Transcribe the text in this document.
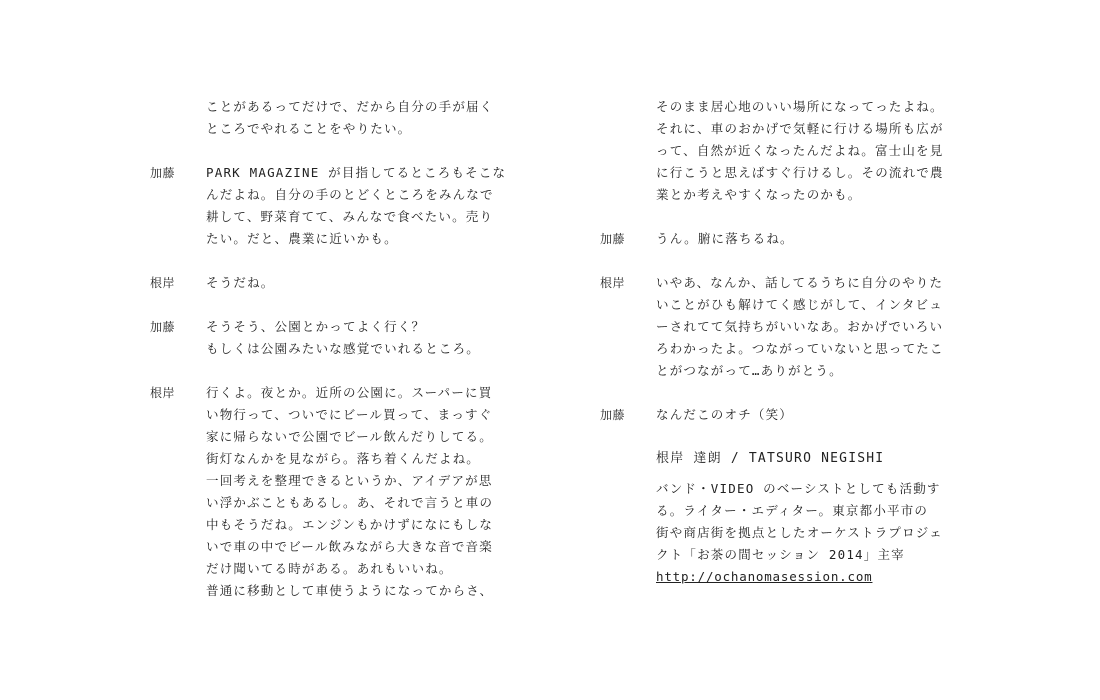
ことがあるってだけで、だから自分の手が届く
ところでやれることをやりたい。
加藤	PARK MAGAZINE が目指してるところもそこな
んだよね。自分の手のとどくところをみんなで
耕して、野菜育てて、みんなで食べたい。売り
たい。だと、農業に近いかも。
根岸	そうだね。
加藤	そうそう、公園とかってよく行く？
もしくは公園みたいな感覚でいれるところ。
根岸	行くよ。夜とか。近所の公園に。スーパーに買
い物行って、ついでにビール買って、まっすぐ
家に帰らないで公園でビール飲んだりしてる。
街灯なんかを見ながら。落ち着くんだよね。
一回考えを整理できるというか、アイデアが思
い浮かぶこともあるし。あ、それで言うと車の
中もそうだね。エンジンもかけずになにもしな
いで車の中でビール飲みながら大きな音で音楽
だけ聞いてる時がある。あれもいいね。
普通に移動として車使うようになってからさ、
そのまま居心地のいい場所になってったよね。
それに、車のおかげで気軽に行ける場所も広が
って、自然が近くなったんだよね。富士山を見
に行こうと思えばすぐ行けるし。その流れで農
業とか考えやすくなったのかも。
加藤	うん。腑に落ちるね。
根岸	いやあ、なんか、話してるうちに自分のやりた
いことがひも解けてく感じがして、インタビュ
ーされてて気持ちがいいなあ。おかげでいろい
ろわかったよ。つながっていないと思ってたこ
とがつながって…ありがとう。
加藤	なんだこのオチ（笑）
根岸 達朗 / TATSURO NEGISHI
バンド・VIDEO のベーシストとしても活動す
る。ライター・エディター。東京都小平市の
街や商店街を拠点としたオーケストラプロジェ
クト「お茶の間セッション 2014」主宰
http://ochanomasession.com
